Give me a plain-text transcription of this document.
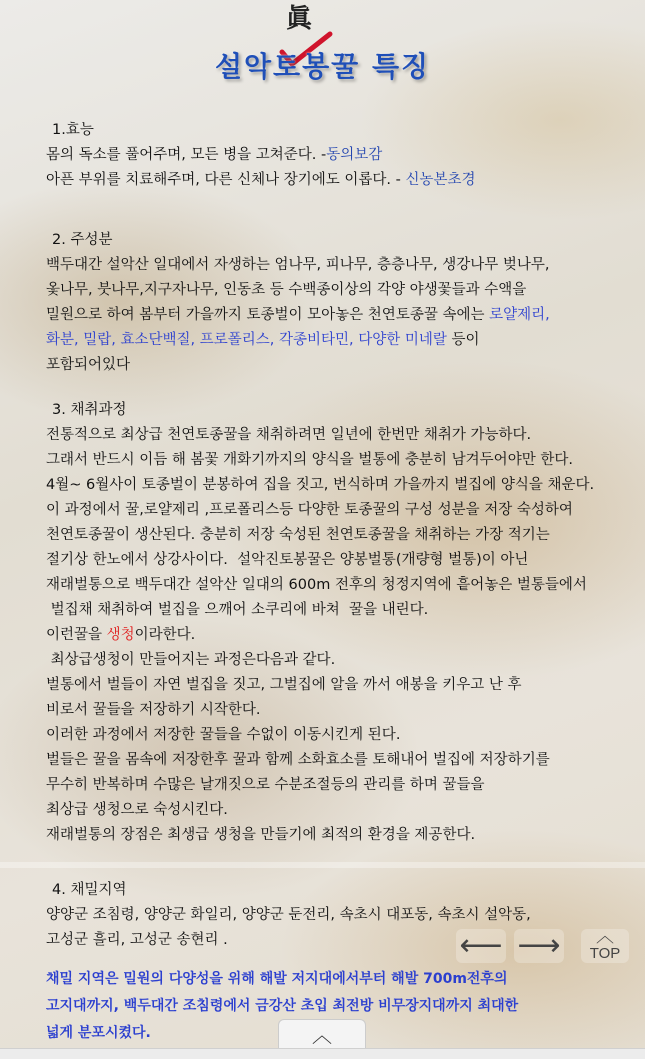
眞
설악토봉꿀 특징
1.효능
몸의 독소를 풀어주며, 모든 병을 고쳐준다. -동의보감
아픈 부위를 치료해주며, 다른 신체나 장기에도 이롭다. - 신농본초경
2. 주성분
백두대간 설악산 일대에서 자생하는 엄나무, 피나무, 층층나무, 생강나무 벚나무,
옻나무, 붓나무,지구자나무, 인동초 등 수백종이상의 각양 야생꽃들과 수액을
밀원으로 하여 봄부터 가을까지 토종벌이 모아놓은 천연토종꿀 속에는 로얄제리,
화분, 밀랍, 효소단백질, 프로폴리스, 각종비타민, 다양한 미네랄 등이
포함되어있다
3. 채취과정
전통적으로 최상급 천연토종꿀을 채취하려면 일년에 한번만 채취가 가능하다.
그래서 반드시 이듬 해 봄꽃 개화기까지의 양식을 벌통에 충분히 남겨두어야만 한다.
4월~ 6월사이 토종벌이 분봉하여 집을 짓고, 번식하며 가을까지 벌집에 양식을 채운다.
이 과정에서 꿀,로얄제리 ,프로폴리스등 다양한 토종꿀의 구성 성분을 저장 숙성하여
천연토종꿀이 생산된다. 충분히 저장 숙성된 천연토종꿀을 채취하는 가장 적기는
절기상 한노에서 상강사이다.  설악진토봉꿀은 양봉벌통(개량형 벌통)이 아닌
재래벌통으로 백두대간 설악산 일대의 600m 전후의 청정지역에 흩어놓은 벌통들에서
벌집채 채취하여 벌집을 으깨어 소쿠리에 바쳐  꿀을 내린다.
이런꿀을 생청이라한다.
최상급생청이 만들어지는 과정은다음과 같다.
벌통에서 벌들이 자연 벌집을 짓고, 그벌집에 알을 까서 애봉을 키우고 난 후
비로서 꿀들을 저장하기 시작한다.
이러한 과정에서 저장한 꿀들을 수없이 이동시킨게 된다.
벌들은 꿀을 몸속에 저장한후 꿀과 함께 소화효소를 토해내어 벌집에 저장하기를
무수히 반복하며 수많은 날개짓으로 수분조절등의 관리를 하며 꿀들을
최상급 생청으로 숙성시킨다.
재래벌통의 장점은 최생급 생청을 만들기에 최적의 환경을 제공한다.
4. 채밀지역
양양군 조침령, 양양군 화일리, 양양군 둔전리, 속초시 대포동, 속초시 설악동,
고성군 흘리, 고성군 송현리 .
채밀 지역은 밀원의 다양성을 위해 해발 저지대에서부터 해발 700m전후의
고지대까지, 백두대간 조침령에서 금강산 초입 최전방 비무장지대까지 최대한
넓게 분포시켰다.
⟵ ⟶	︿
TOP
︿
